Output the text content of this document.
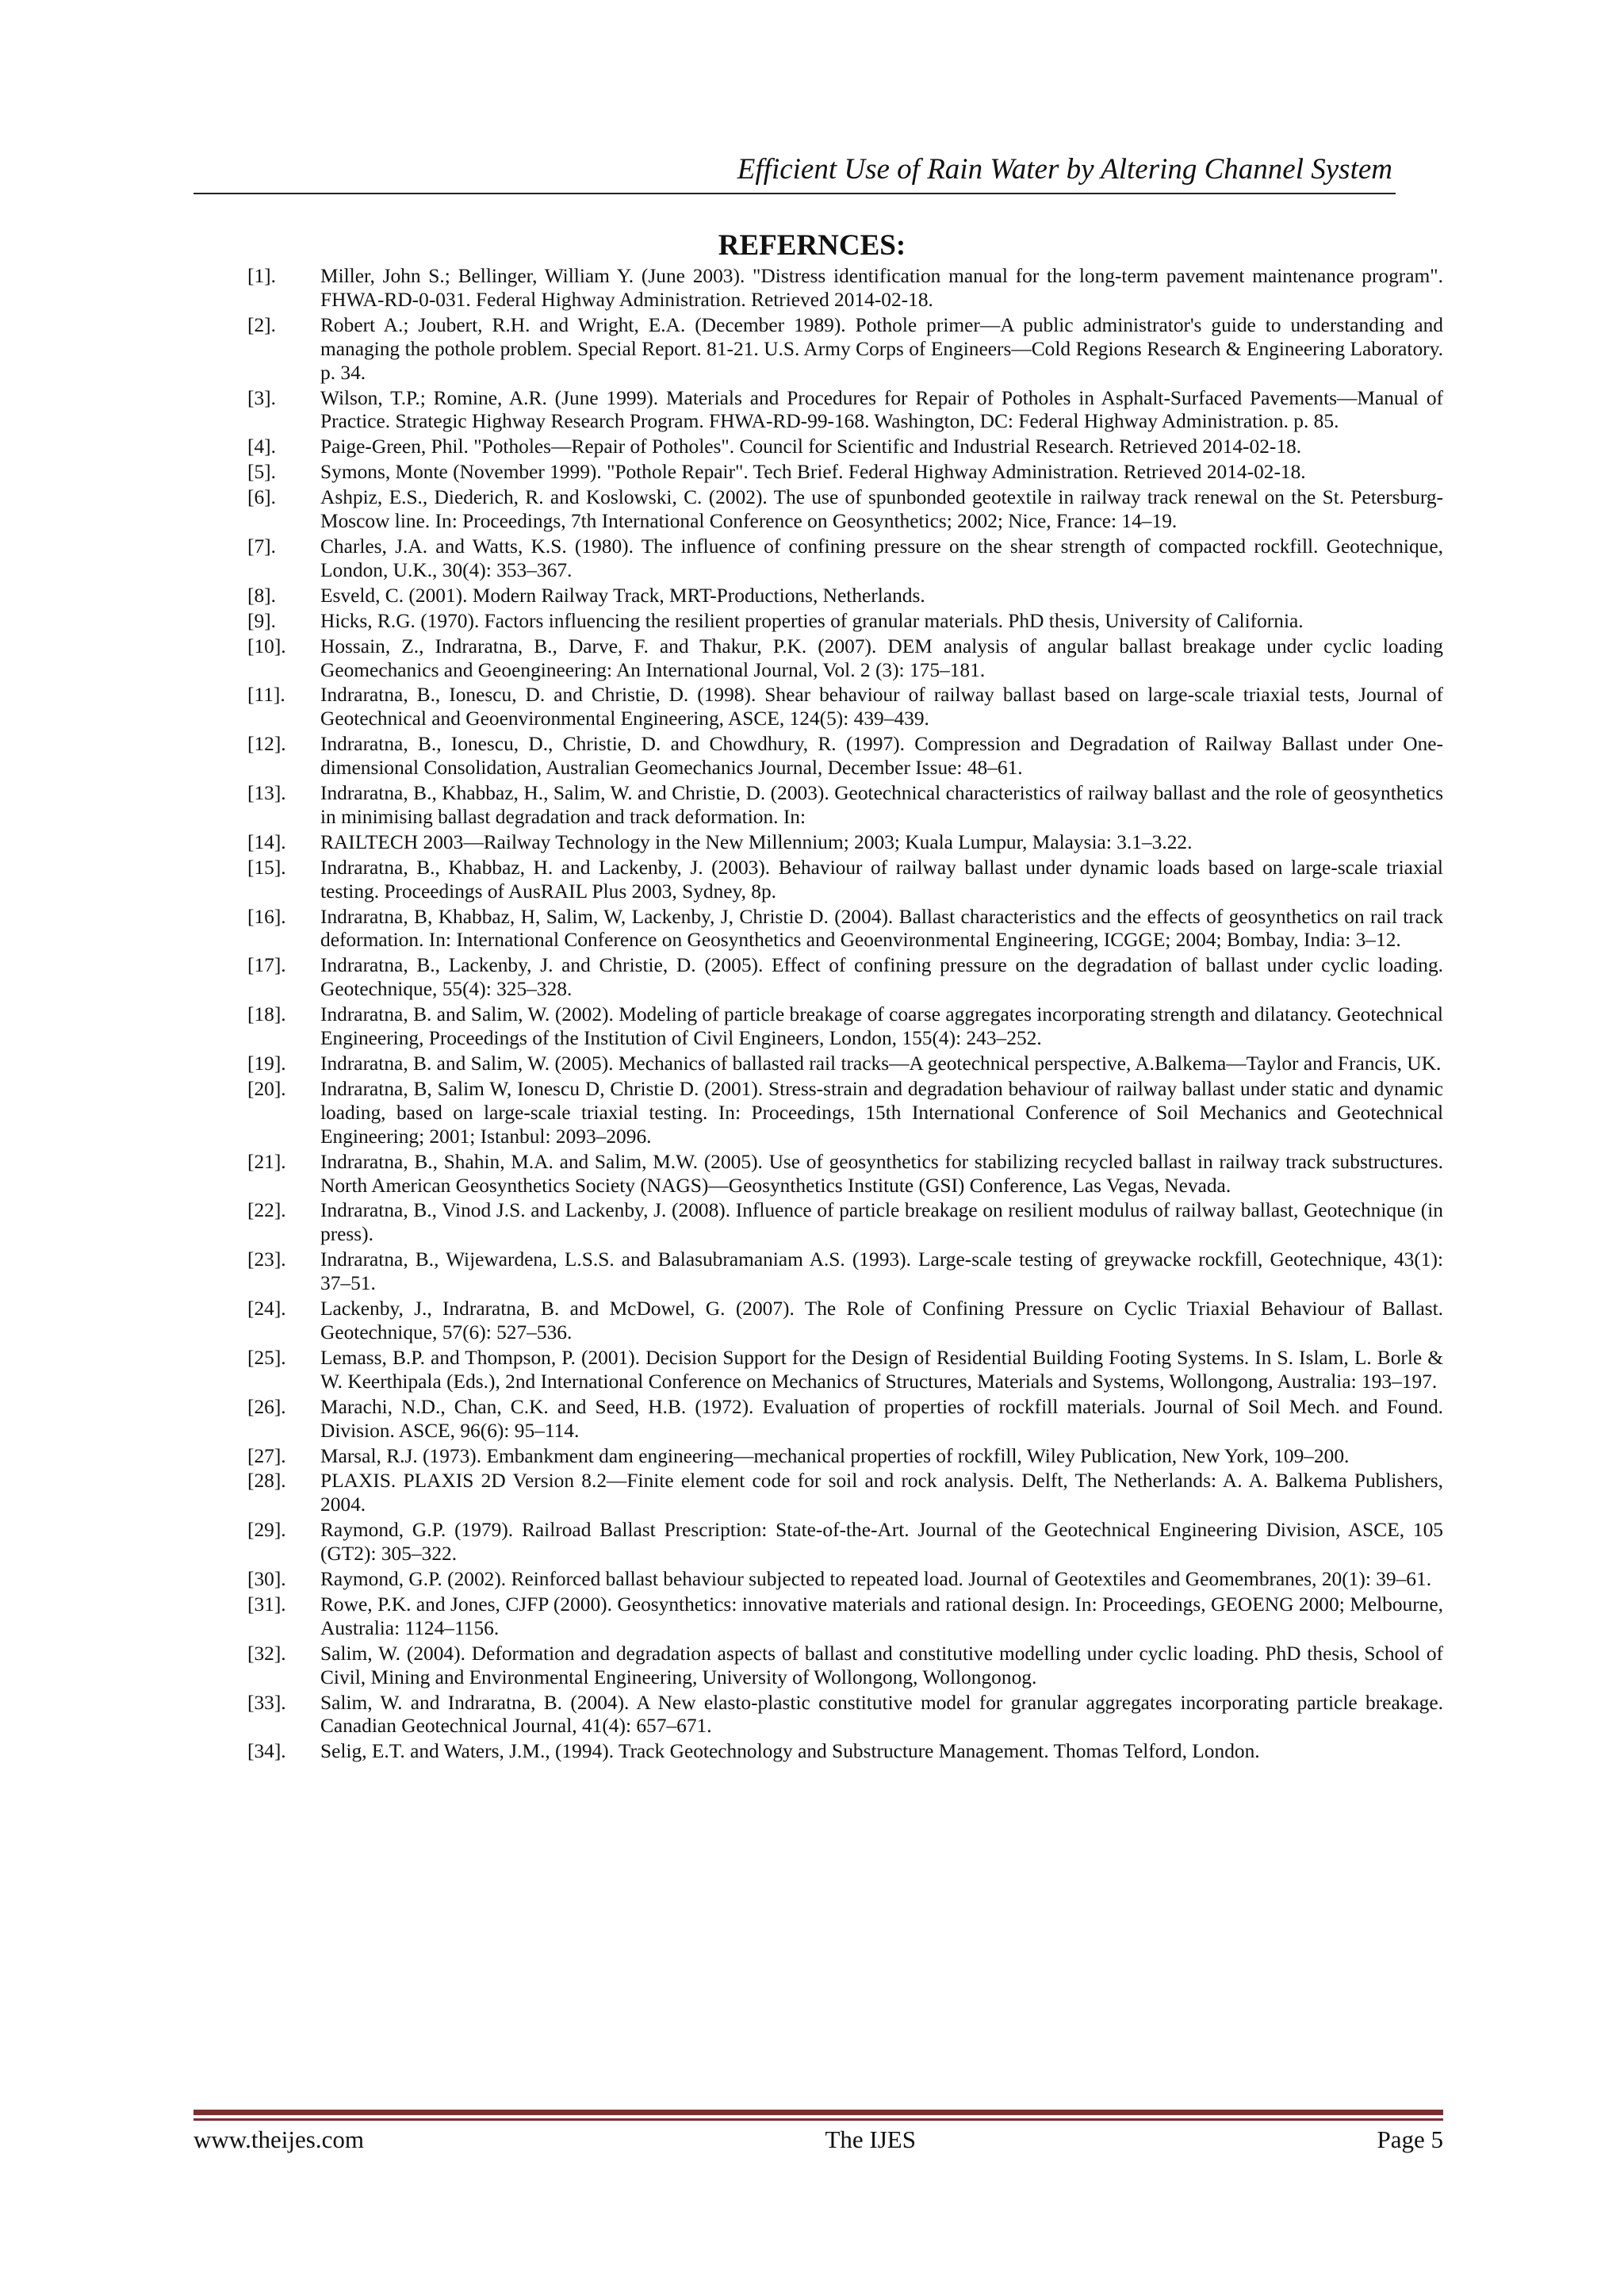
Efficient Use of Rain Water by Altering Channel System
REFERNCES:
[1].	Miller, John S.; Bellinger, William Y. (June 2003). "Distress identification manual for the long-term pavement maintenance program". FHWA-RD-0-031. Federal Highway Administration. Retrieved 2014-02-18.
[2].	Robert A.; Joubert, R.H. and Wright, E.A. (December 1989). Pothole primer—A public administrator's guide to understanding and managing the pothole problem. Special Report. 81-21. U.S. Army Corps of Engineers—Cold Regions Research & Engineering Laboratory. p. 34.
[3].	Wilson, T.P.; Romine, A.R. (June 1999). Materials and Procedures for Repair of Potholes in Asphalt-Surfaced Pavements—Manual of Practice. Strategic Highway Research Program. FHWA-RD-99-168. Washington, DC: Federal Highway Administration. p. 85.
[4].	Paige-Green, Phil. "Potholes—Repair of Potholes". Council for Scientific and Industrial Research. Retrieved 2014-02-18.
[5].	Symons, Monte (November 1999). "Pothole Repair". Tech Brief. Federal Highway Administration. Retrieved 2014-02-18.
[6].	Ashpiz, E.S., Diederich, R. and Koslowski, C. (2002). The use of spunbonded geotextile in railway track renewal on the St. Petersburg-Moscow line. In: Proceedings, 7th International Conference on Geosynthetics; 2002; Nice, France: 14–19.
[7].	Charles, J.A. and Watts, K.S. (1980). The influence of confining pressure on the shear strength of compacted rockfill. Geotechnique, London, U.K., 30(4): 353–367.
[8].	Esveld, C. (2001). Modern Railway Track, MRT-Productions, Netherlands.
[9].	Hicks, R.G. (1970). Factors influencing the resilient properties of granular materials. PhD thesis, University of California.
[10].	Hossain, Z., Indraratna, B., Darve, F. and Thakur, P.K. (2007). DEM analysis of angular ballast breakage under cyclic loading Geomechanics and Geoengineering: An International Journal, Vol. 2 (3): 175–181.
[11].	Indraratna, B., Ionescu, D. and Christie, D. (1998). Shear behaviour of railway ballast based on large-scale triaxial tests, Journal of Geotechnical and Geoenvironmental Engineering, ASCE, 124(5): 439–439.
[12].	Indraratna, B., Ionescu, D., Christie, D. and Chowdhury, R. (1997). Compression and Degradation of Railway Ballast under One-dimensional Consolidation, Australian Geomechanics Journal, December Issue: 48–61.
[13].	Indraratna, B., Khabbaz, H., Salim, W. and Christie, D. (2003). Geotechnical characteristics of railway ballast and the role of geosynthetics in minimising ballast degradation and track deformation. In:
[14].	RAILTECH 2003—Railway Technology in the New Millennium; 2003; Kuala Lumpur, Malaysia: 3.1–3.22.
[15].	Indraratna, B., Khabbaz, H. and Lackenby, J. (2003). Behaviour of railway ballast under dynamic loads based on large-scale triaxial testing. Proceedings of AusRAIL Plus 2003, Sydney, 8p.
[16].	Indraratna, B, Khabbaz, H, Salim, W, Lackenby, J, Christie D. (2004). Ballast characteristics and the effects of geosynthetics on rail track deformation. In: International Conference on Geosynthetics and Geoenvironmental Engineering, ICGGE; 2004; Bombay, India: 3–12.
[17].	Indraratna, B., Lackenby, J. and Christie, D. (2005). Effect of confining pressure on the degradation of ballast under cyclic loading. Geotechnique, 55(4): 325–328.
[18].	Indraratna, B. and Salim, W. (2002). Modeling of particle breakage of coarse aggregates incorporating strength and dilatancy. Geotechnical Engineering, Proceedings of the Institution of Civil Engineers, London, 155(4): 243–252.
[19].	Indraratna, B. and Salim, W. (2005). Mechanics of ballasted rail tracks—A geotechnical perspective, A.Balkema—Taylor and Francis, UK.
[20].	Indraratna, B, Salim W, Ionescu D, Christie D. (2001). Stress-strain and degradation behaviour of railway ballast under static and dynamic loading, based on large-scale triaxial testing. In: Proceedings, 15th International Conference of Soil Mechanics and Geotechnical Engineering; 2001; Istanbul: 2093–2096.
[21].	Indraratna, B., Shahin, M.A. and Salim, M.W. (2005). Use of geosynthetics for stabilizing recycled ballast in railway track substructures. North American Geosynthetics Society (NAGS)—Geosynthetics Institute (GSI) Conference, Las Vegas, Nevada.
[22].	Indraratna, B., Vinod J.S. and Lackenby, J. (2008). Influence of particle breakage on resilient modulus of railway ballast, Geotechnique (in press).
[23].	Indraratna, B., Wijewardena, L.S.S. and Balasubramaniam A.S. (1993). Large-scale testing of greywacke rockfill, Geotechnique, 43(1): 37–51.
[24].	Lackenby, J., Indraratna, B. and McDowel, G. (2007). The Role of Confining Pressure on Cyclic Triaxial Behaviour of Ballast. Geotechnique, 57(6): 527–536.
[25].	Lemass, B.P. and Thompson, P. (2001). Decision Support for the Design of Residential Building Footing Systems. In S. Islam, L. Borle & W. Keerthipala (Eds.), 2nd International Conference on Mechanics of Structures, Materials and Systems, Wollongong, Australia: 193–197.
[26].	Marachi, N.D., Chan, C.K. and Seed, H.B. (1972). Evaluation of properties of rockfill materials. Journal of Soil Mech. and Found. Division. ASCE, 96(6): 95–114.
[27].	Marsal, R.J. (1973). Embankment dam engineering—mechanical properties of rockfill, Wiley Publication, New York, 109–200.
[28].	PLAXIS. PLAXIS 2D Version 8.2—Finite element code for soil and rock analysis. Delft, The Netherlands: A. A. Balkema Publishers, 2004.
[29].	Raymond, G.P. (1979). Railroad Ballast Prescription: State-of-the-Art. Journal of the Geotechnical Engineering Division, ASCE, 105 (GT2): 305–322.
[30].	Raymond, G.P. (2002). Reinforced ballast behaviour subjected to repeated load. Journal of Geotextiles and Geomembranes, 20(1): 39–61.
[31].	Rowe, P.K. and Jones, CJFP (2000). Geosynthetics: innovative materials and rational design. In: Proceedings, GEOENG 2000; Melbourne, Australia: 1124–1156.
[32].	Salim, W. (2004). Deformation and degradation aspects of ballast and constitutive modelling under cyclic loading. PhD thesis, School of Civil, Mining and Environmental Engineering, University of Wollongong, Wollongonog.
[33].	Salim, W. and Indraratna, B. (2004). A New elasto-plastic constitutive model for granular aggregates incorporating particle breakage. Canadian Geotechnical Journal, 41(4): 657–671.
[34].	Selig, E.T. and Waters, J.M., (1994). Track Geotechnology and Substructure Management. Thomas Telford, London.
www.theijes.com	The IJES	Page 5
